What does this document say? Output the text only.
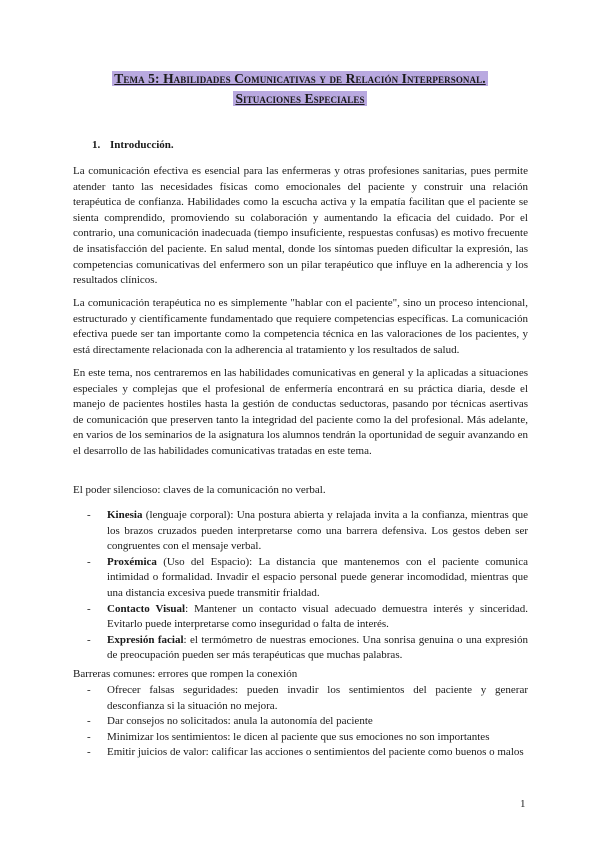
Tema 5: Habilidades Comunicativas y de Relación Interpersonal.
Situaciones Especiales
1. Introducción.
La comunicación efectiva es esencial para las enfermeras y otras profesiones sanitarias, pues permite atender tanto las necesidades físicas como emocionales del paciente y construir una relación terapéutica de confianza. Habilidades como la escucha activa y la empatía facilitan que el paciente se sienta comprendido, promoviendo su colaboración y aumentando la eficacia del cuidado. Por el contrario, una comunicación inadecuada (tiempo insuficiente, respuestas confusas) es motivo frecuente de insatisfacción del paciente. En salud mental, donde los síntomas pueden dificultar la expresión, las competencias comunicativas del enfermero son un pilar terapéutico que influye en la adherencia y los resultados clínicos.
La comunicación terapéutica no es simplemente "hablar con el paciente", sino un proceso intencional, estructurado y científicamente fundamentado que requiere competencias específicas. La comunicación efectiva puede ser tan importante como la competencia técnica en las valoraciones de los pacientes, y está directamente relacionada con la adherencia al tratamiento y los resultados de salud.
En este tema, nos centraremos en las habilidades comunicativas en general y la aplicadas a situaciones especiales y complejas que el profesional de enfermería encontrará en su práctica diaria, desde el manejo de pacientes hostiles hasta la gestión de conductas seductoras, pasando por técnicas asertivas de comunicación que preserven tanto la integridad del paciente como la del profesional. Más adelante, en varios de los seminarios de la asignatura los alumnos tendrán la oportunidad de seguir avanzando en el desarrollo de las habilidades comunicativas tratadas en este tema.
El poder silencioso: claves de la comunicación no verbal.
- Kinesia (lenguaje corporal): Una postura abierta y relajada invita a la confianza, mientras que los brazos cruzados pueden interpretarse como una barrera defensiva. Los gestos deben ser congruentes con el mensaje verbal.
- Proxémica (Uso del Espacio): La distancia que mantenemos con el paciente comunica intimidad o formalidad. Invadir el espacio personal puede generar incomodidad, mientras que una distancia excesiva puede transmitir frialdad.
- Contacto Visual: Mantener un contacto visual adecuado demuestra interés y sinceridad. Evitarlo puede interpretarse como inseguridad o falta de interés.
- Expresión facial: el termómetro de nuestras emociones. Una sonrisa genuina o una expresión de preocupación pueden ser más terapéuticas que muchas palabras.
Barreras comunes: errores que rompen la conexión
- Ofrecer falsas seguridades: pueden invadir los sentimientos del paciente y generar desconfianza si la situación no mejora.
- Dar consejos no solicitados: anula la autonomía del paciente
- Minimizar los sentimientos: le dicen al paciente que sus emociones no son importantes
- Emitir juicios de valor: calificar las acciones o sentimientos del paciente como buenos o malos
1
